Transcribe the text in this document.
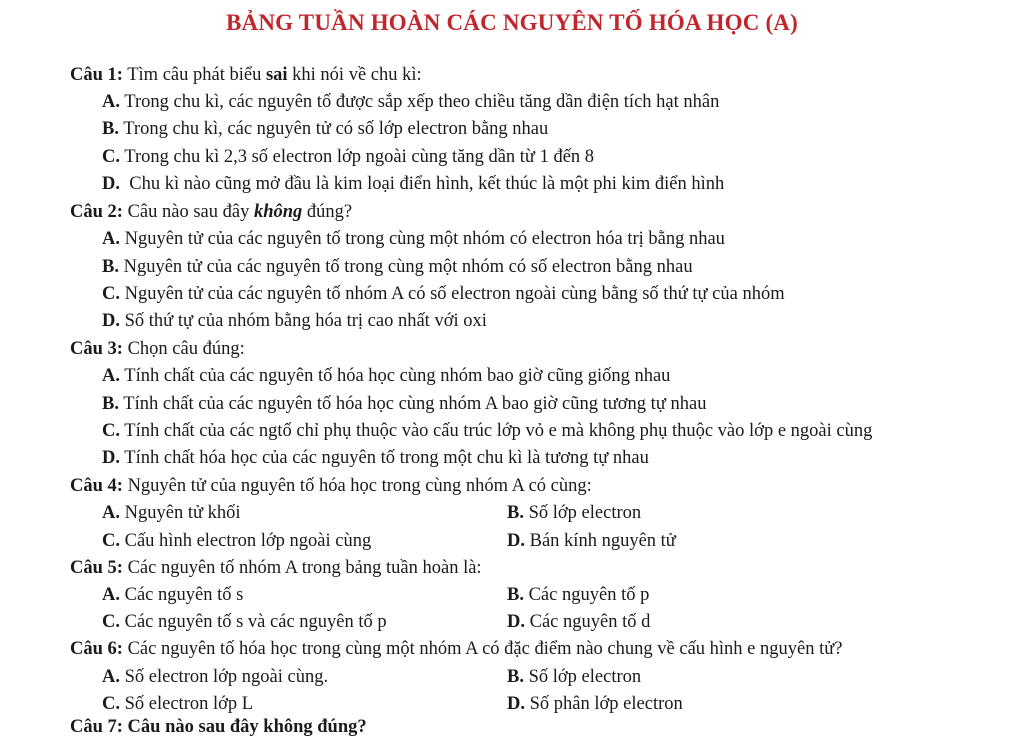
BẢNG TUẦN HOÀN CÁC NGUYÊN TỐ HÓA HỌC (A)
Câu 1: Tìm câu phát biểu sai khi nói về chu kì:
A. Trong chu kì, các nguyên tố được sắp xếp theo chiều tăng dần điện tích hạt nhân
B. Trong chu kì, các nguyên tử có số lớp electron bằng nhau
C. Trong chu kì 2,3 số electron lớp ngoài cùng tăng dần từ 1 đến 8
D. Chu kì nào cũng mở đầu là kim loại điển hình, kết thúc là một phi kim điển hình
Câu 2: Câu nào sau đây không đúng?
A. Nguyên tử của các nguyên tố trong cùng một nhóm có electron hóa trị bằng nhau
B. Nguyên tử của các nguyên tố trong cùng một nhóm có số electron bằng nhau
C. Nguyên tử của các nguyên tố nhóm A có số electron ngoài cùng bằng số thứ tự của nhóm
D. Số thứ tự của nhóm bằng hóa trị cao nhất với oxi
Câu 3: Chọn câu đúng:
A. Tính chất của các nguyên tố hóa học cùng nhóm bao giờ cũng giống nhau
B. Tính chất của các nguyên tố hóa học cùng nhóm A bao giờ cũng tương tự nhau
C. Tính chất của các ngtố chỉ phụ thuộc vào cấu trúc lớp vỏ e mà không phụ thuộc vào lớp e ngoài cùng
D. Tính chất hóa học của các nguyên tố trong một chu kì là tương tự nhau
Câu 4: Nguyên tử của nguyên tố hóa học trong cùng nhóm A có cùng:
A. Nguyên tử khối	B. Số lớp electron
C. Cấu hình electron lớp ngoài cùng	D. Bán kính nguyên tử
Câu 5: Các nguyên tố nhóm A trong bảng tuần hoàn là:
A. Các nguyên tố s	B. Các nguyên tố p
C. Các nguyên tố s và các nguyên tố p	D. Các nguyên tố d
Câu 6: Các nguyên tố hóa học trong cùng một nhóm A có đặc điểm nào chung về cấu hình e nguyên tử?
A. Số electron lớp ngoài cùng.	B. Số lớp electron
C. Số electron lớp L	D. Số phân lớp electron
Câu 7: Câu nào sau đây không đúng?
